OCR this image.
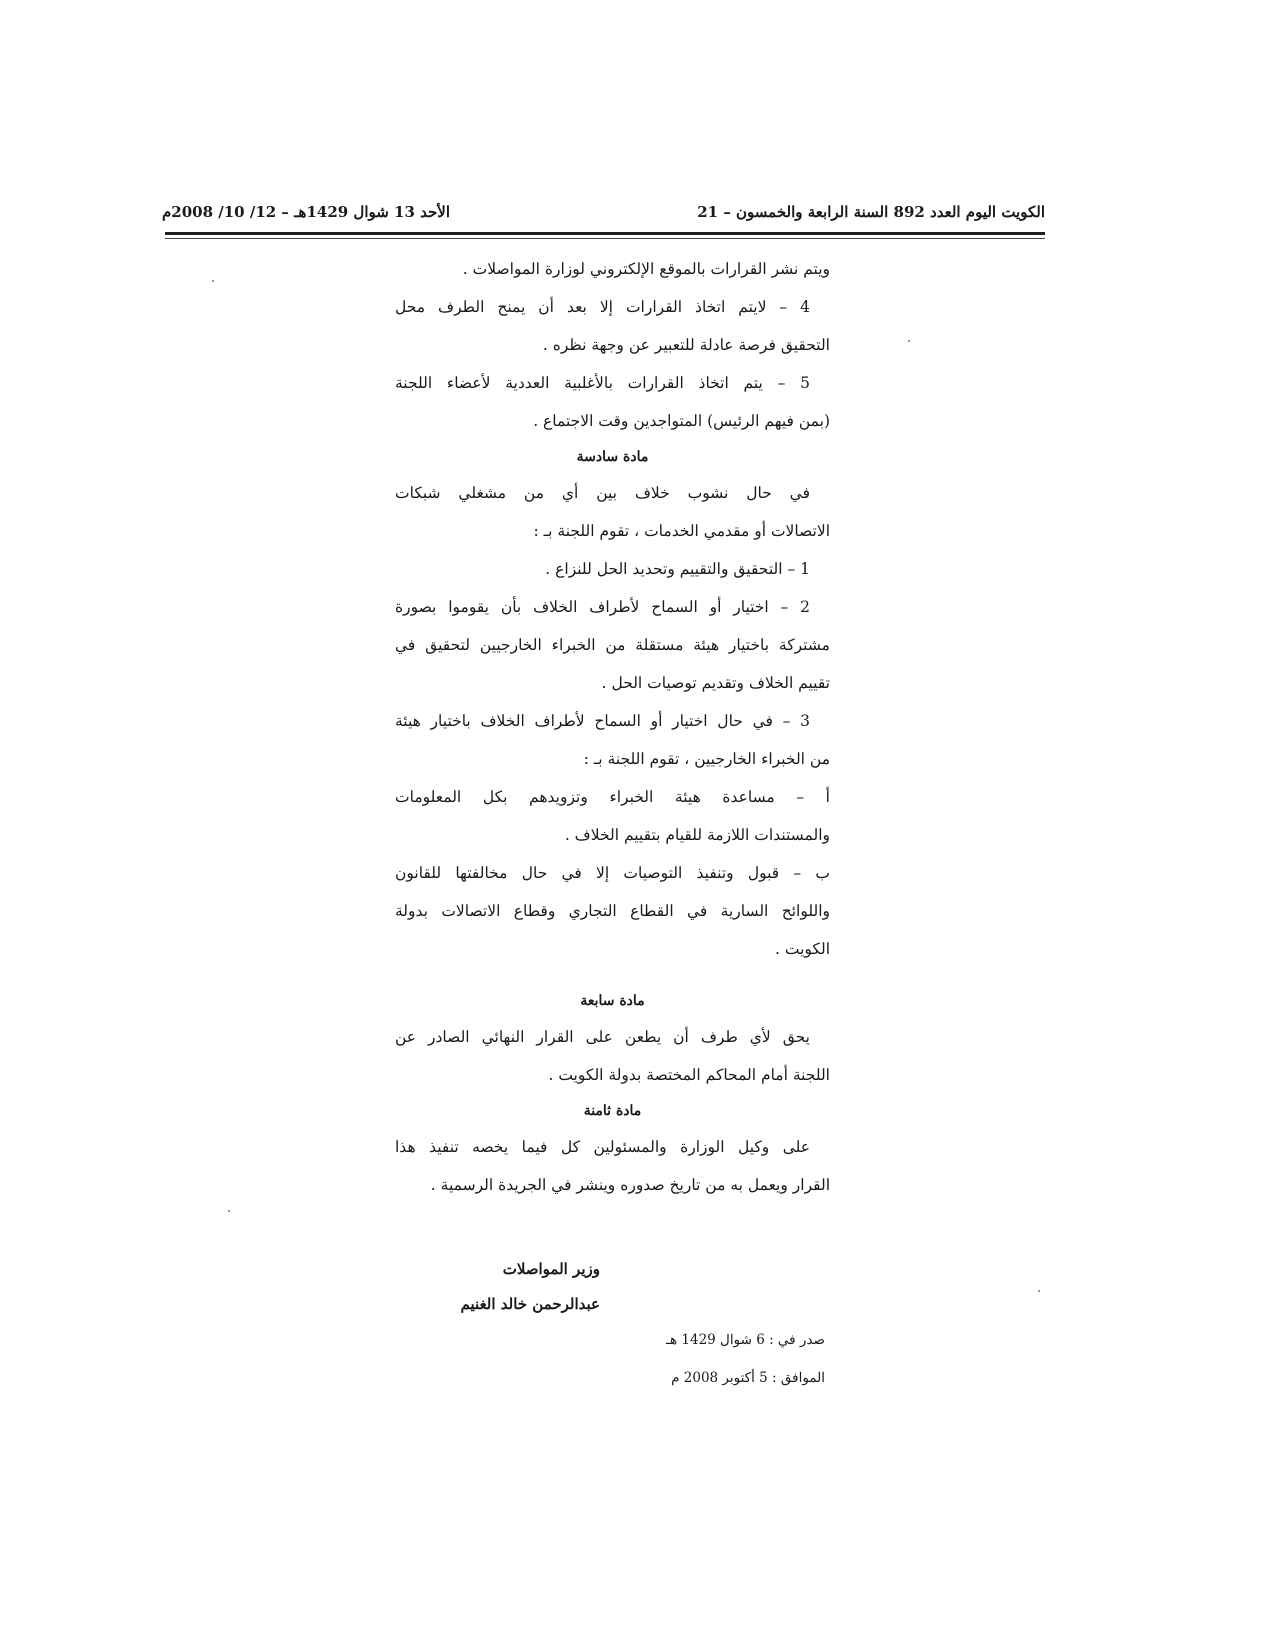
الكويت اليوم العدد 892 السنة الرابعة والخمسون – 21
الأحد 13 شوال 1429هـ – 12/ 10/ 2008م
ويتم نشر القرارات بالموقع الإلكتروني لوزارة المواصلات .
4 – لايتم اتخاذ القرارات إلا بعد أن يمنح الطرف محل
التحقيق فرصة عادلة للتعبير عن وجهة نظره .
5 – يتم اتخاذ القرارات بالأغلبية العددية لأعضاء اللجنة
(بمن فيهم الرئيس) المتواجدين وقت الاجتماع .
مادة سادسة
في حال نشوب خلاف بين أي من مشغلي شبكات
الاتصالات أو مقدمي الخدمات ، تقوم اللجنة بـ :
1 – التحقيق والتقييم وتحديد الحل للنزاع .
2 – اختيار أو السماح لأطراف الخلاف بأن يقوموا بصورة
مشتركة باختيار هيئة مستقلة من الخبراء الخارجيين لتحقيق في
تقييم الخلاف وتقديم توصيات الحل .
3 – في حال اختيار أو السماح لأطراف الخلاف باختيار هيئة
من الخبراء الخارجيين ، تقوم اللجنة بـ :
أ – مساعدة هيئة الخبراء وتزويدهم بكل المعلومات
والمستندات اللازمة للقيام بتقييم الخلاف .
ب – قبول وتنفيذ التوصيات إلا في حال مخالفتها للقانون
واللوائح السارية في القطاع التجاري وقطاع الاتصالات بدولة
الكويت .
مادة سابعة
يحق لأي طرف أن يطعن على القرار النهائي الصادر عن
اللجنة أمام المحاكم المختصة بدولة الكويت .
مادة ثامنة
على وكيل الوزارة والمسئولين كل فيما يخصه تنفيذ هذا
القرار ويعمل به من تاريخ صدوره وينشر في الجريدة الرسمية .
وزير المواصلات
عبدالرحمن خالد الغنيم
صدر في : 6 شوال 1429 هـ
الموافق : 5 أكتوبر 2008 م
